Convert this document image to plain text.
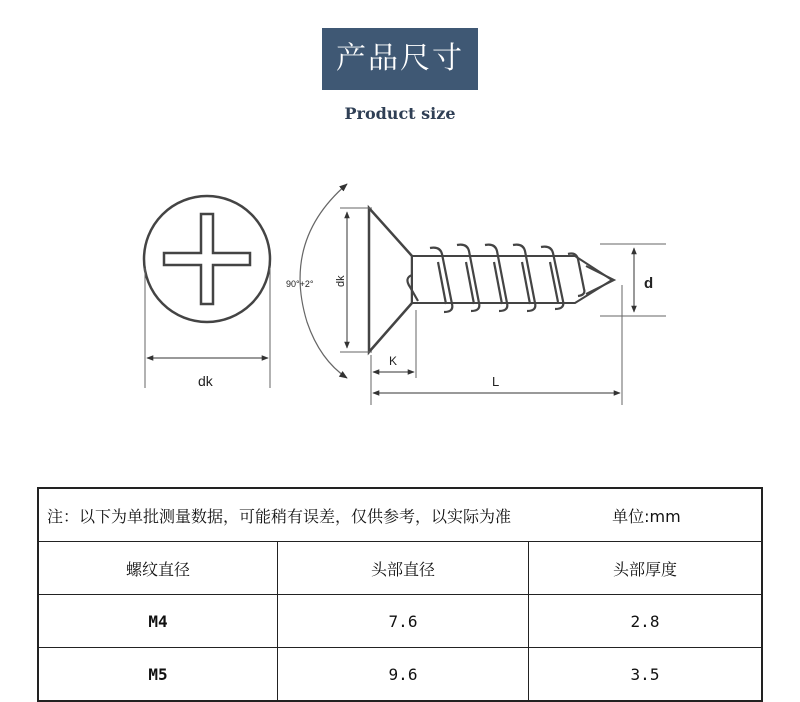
产品尺寸
Product size
dk
90°+2° dk
K
L
d
注：以下为单批测量数据，可能稍有误差，仅供参考，以实际为准 单位:mm		
螺纹直径	头部直径	头部厚度
M4	7.6	2.8
M5	9.6	3.5
